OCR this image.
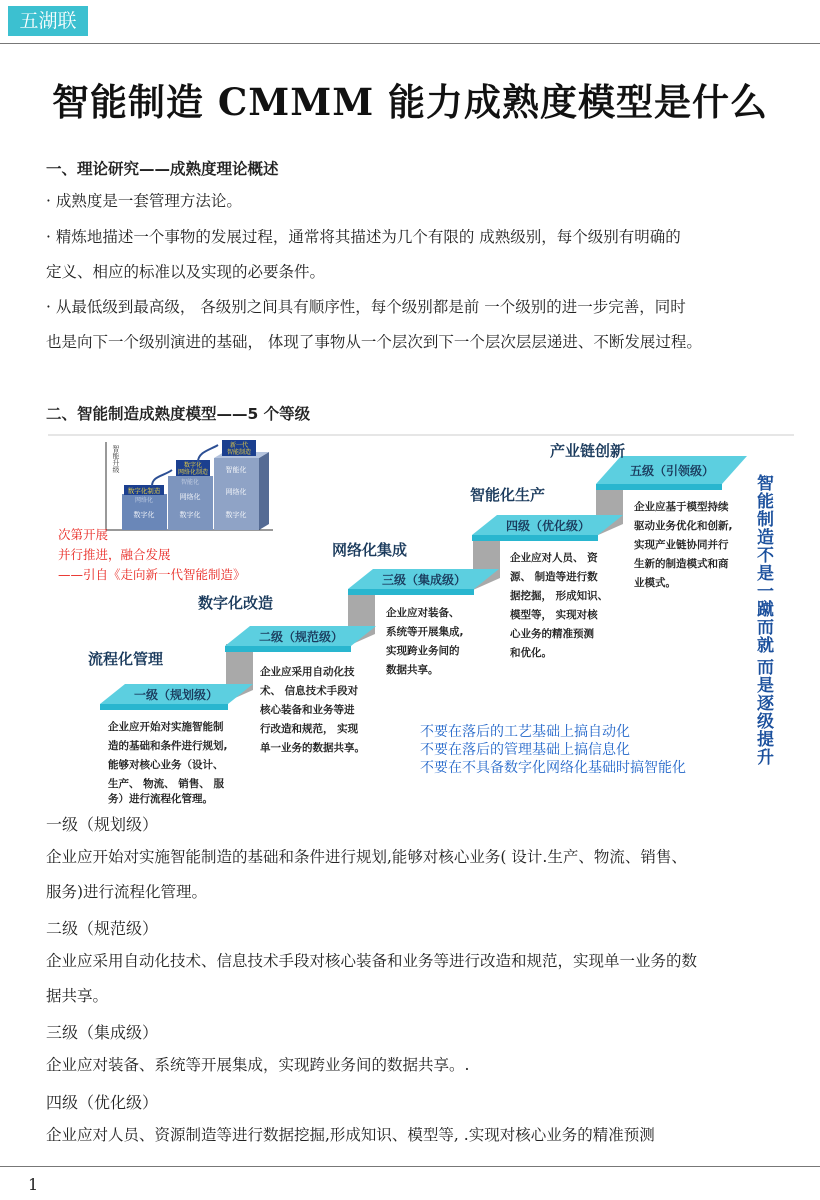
五湖联
智能制造 CMMM 能力成熟度模型是什么
一、理论研究——成熟度理论概述
· 成熟度是一套管理方法论。
· 精炼地描述一个事物的发展过程，通常将其描述为几个有限的 成熟级别，每个级别有明确的
定义、相应的标准以及实现的必要条件。
· 从最低级到最高级， 各级别之间具有顺序性，每个级别都是前 一个级别的进一步完善，同时
也是向下一个级别演进的基础， 体现了事物从一个层次到下一个层次层层递进、不断发展过程。
二、智能制造成熟度模型——5 个等级
智能升级
数字化
网络化
数字化
网络化
智能化
数字化
网络化
智能化
数字化制造
数字化网络化制造
新一代智能制造
次第开展
并行推进，融合发展
——引自《走向新一代智能制造》
一级（规划级）
流程化管理
企业应开始对实施智能制
造的基础和条件进行规划,
能够对核心业务（设计、
生产、 物流、 销售、 服
务）进行流程化管理。
二级（规范级）
数字化改造
企业应采用自动化技
术、 信息技术手段对
核心装备和业务等进
行改造和规范， 实现
单一业务的数据共享。
三级（集成级）
网络化集成
企业应对装备、
系统等开展集成,
实现跨业务间的
数据共享。
四级（优化级）
智能化生产
企业应对人员、 资
源、 制造等进行数
据挖掘， 形成知识、
模型等， 实现对核
心业务的精准预测
和优化。
五级（引领级）
产业链创新
企业应基于模型持续
驱动业务优化和创新,
实现产业链协同并行
生新的制造模式和商
业模式。	智能制造不是一蹴而就
而是逐级提升
不要在落后的工艺基础上搞自动化
不要在落后的管理基础上搞信息化
不要在不具备数字化网络化基础时搞智能化
一级（规划级）
企业应开始对实施智能制造的基础和条件进行规划,能够对核心业务( 设计.生产、物流、销售、
服务)进行流程化管理。
二级（规范级）
企业应采用自动化技术、信息技术手段对核心装备和业务等进行改造和规范，实现单一业务的数
据共享。
三级（集成级）
企业应对装备、系统等开展集成，实现跨业务间的数据共享。.
四级（优化级）
企业应对人员、资源制造等进行数据挖掘,形成知识、模型等, .实现对核心业务的精准预测
1
